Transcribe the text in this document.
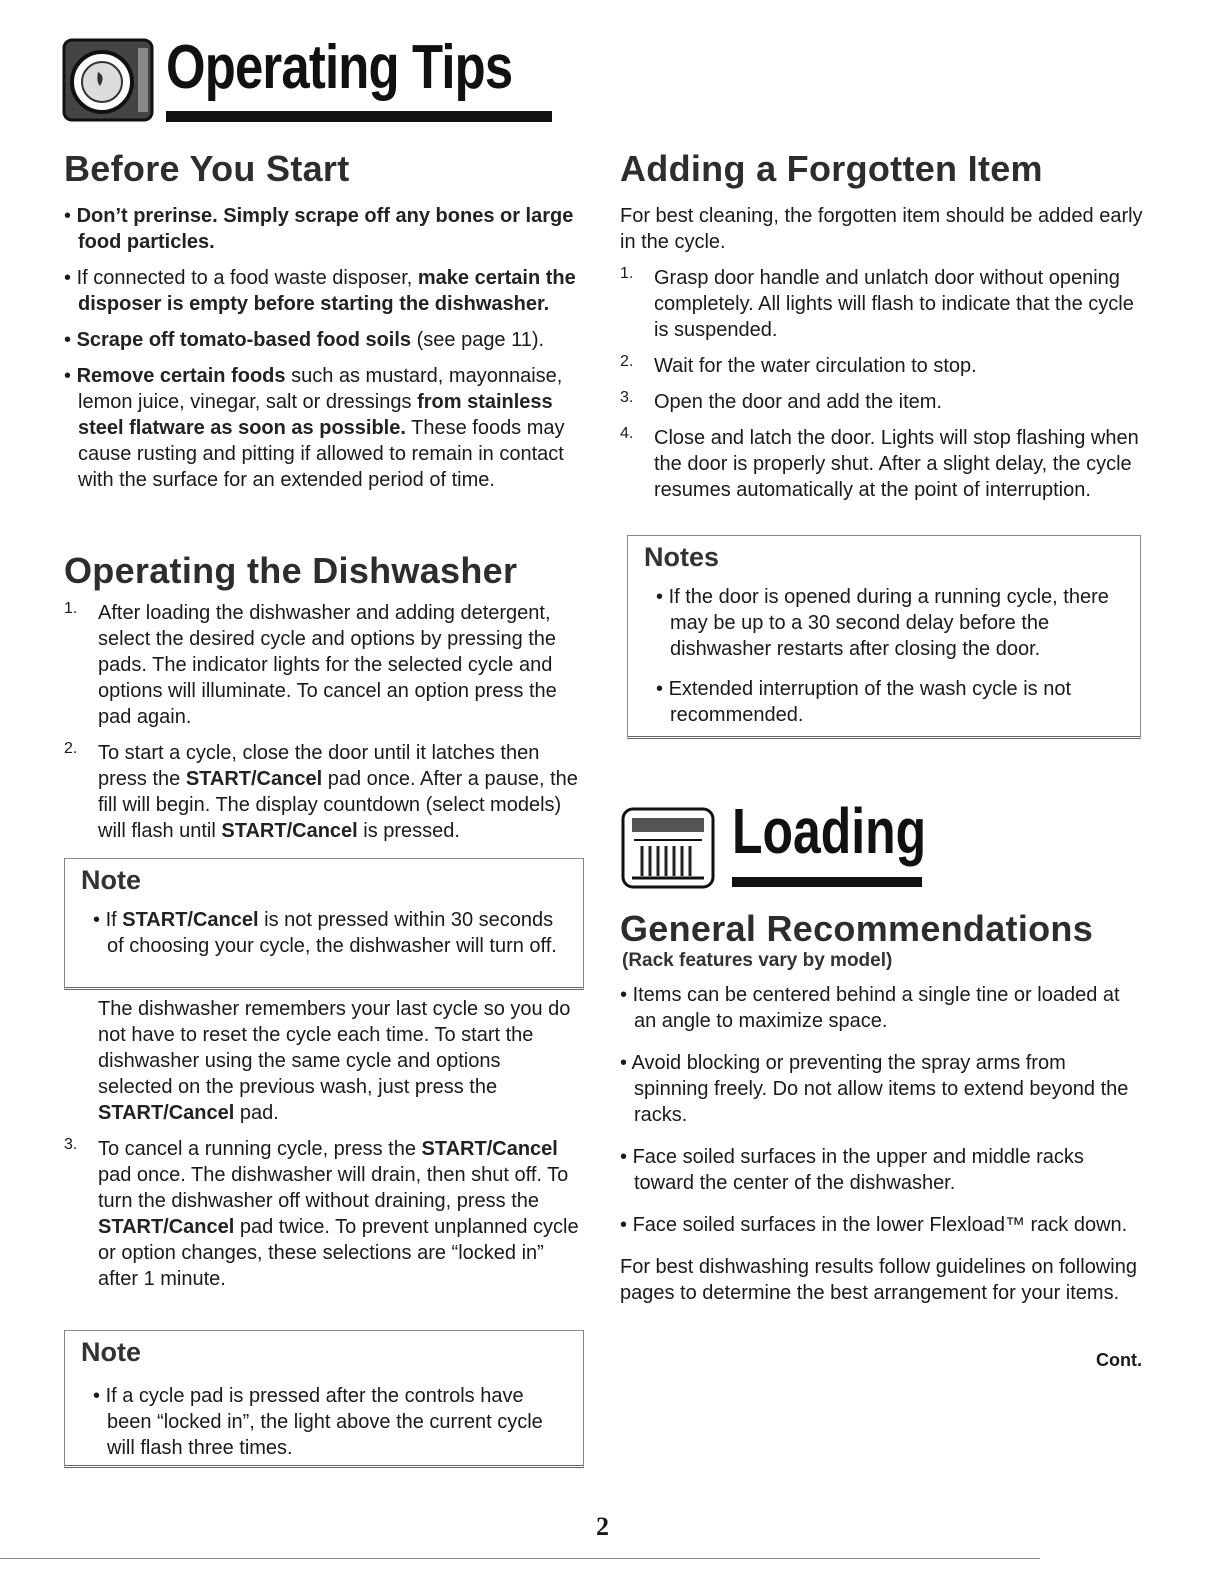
Operating Tips
Before You Start

• Don’t prerinse. Simply scrape off any bones or large food particles.

• If connected to a food waste disposer, make certain the disposer is empty before starting the dishwasher.

• Scrape off tomato-based food soils (see page 11).

• Remove certain foods such as mustard, mayonnaise, lemon juice, vinegar, salt or dressings from stainless steel flatware as soon as possible. These foods may cause rusting and pitting if allowed to remain in contact with the surface for an extended period of time.

Operating the Dishwasher
1. After loading the dishwasher and adding detergent, select the desired cycle and options by pressing the pads. The indicator lights for the selected cycle and options will illuminate. To cancel an option press the pad again.

2. To start a cycle, close the door until it latches then press the START/Cancel pad once. After a pause, the fill will begin. The display countdown (select models) will flash until START/Cancel is pressed.

Note

• If START/Cancel is not pressed within 30 seconds of choosing your cycle, the dishwasher will turn off.

The dishwasher remembers your last cycle so you do not have to reset the cycle each time. To start the dishwasher using the same cycle and options selected on the previous wash, just press the START/Cancel pad.

3. To cancel a running cycle, press the START/Cancel pad once. The dishwasher will drain, then shut off. To turn the dishwasher off without draining, press the START/Cancel pad twice. To prevent unplanned cycle or option changes, these selections are “locked in” after 1 minute.

Note

• If a cycle pad is pressed after the controls have been “locked in”, the light above the current cycle will flash three times.

Adding a Forgotten Item

For best cleaning, the forgotten item should be added early in the cycle.

1. Grasp door handle and unlatch door without opening completely. All lights will flash to indicate that the cycle is suspended.

2. Wait for the water circulation to stop.

3. Open the door and add the item.

4. Close and latch the door. Lights will stop flashing when the door is properly shut. After a slight delay, the cycle resumes automatically at the point of interruption.

Notes

• If the door is opened during a running cycle, there may be up to a 30 second delay before the dishwasher restarts after closing the door.

• Extended interruption of the wash cycle is not recommended.

Loading
General Recommendations
(Rack features vary by model)

• Items can be centered behind a single tine or loaded at an angle to maximize space.

• Avoid blocking or preventing the spray arms from spinning freely. Do not allow items to extend beyond the racks.

• Face soiled surfaces in the upper and middle racks toward the center of the dishwasher.

• Face soiled surfaces in the lower Flexload™ rack down.

For best dishwashing results follow guidelines on following pages to determine the best arrangement for your items.

Cont.
2
